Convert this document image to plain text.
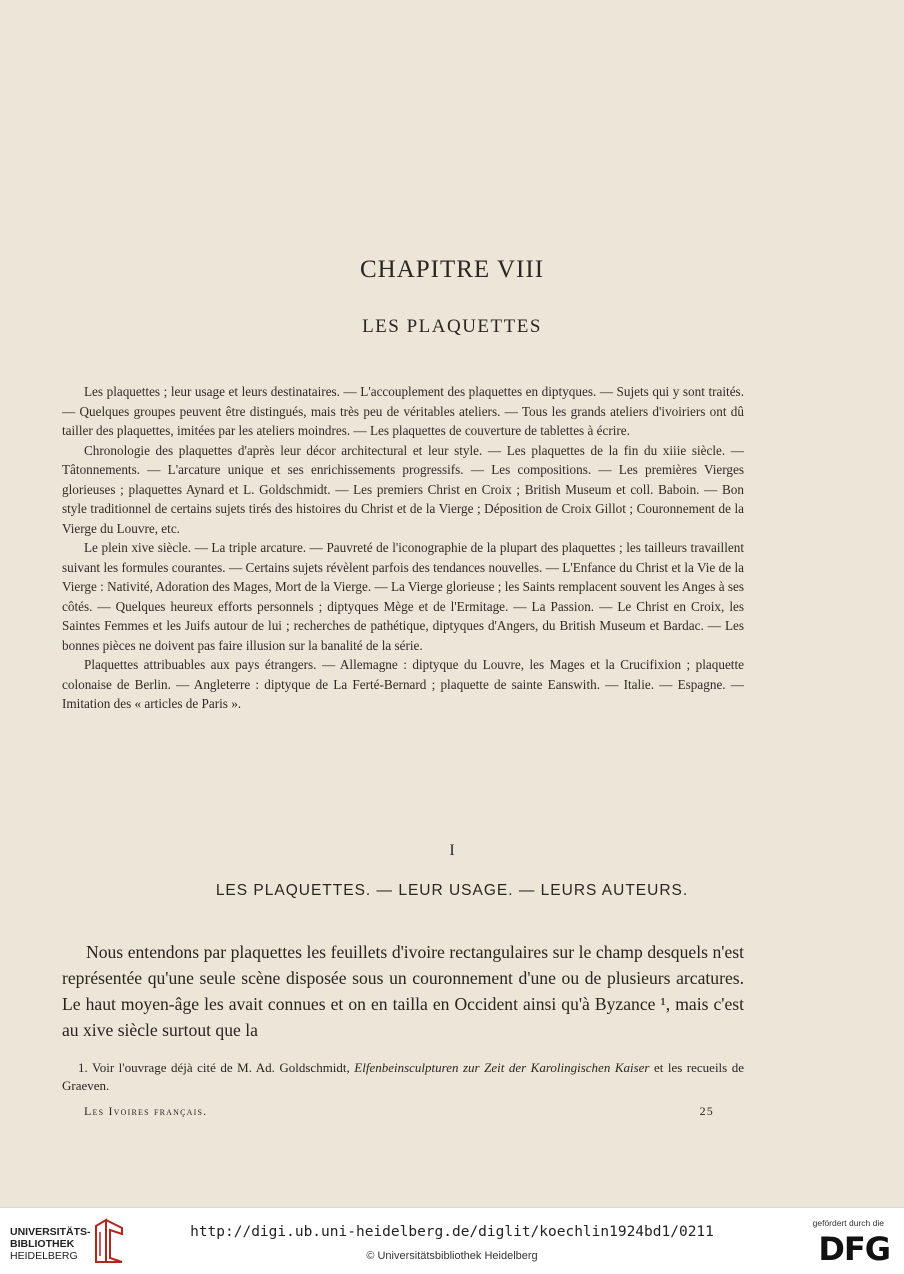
CHAPITRE VIII
LES PLAQUETTES

Les plaquettes ; leur usage et leurs destinataires. — L'accouplement des plaquettes en diptyques. — Sujets qui y sont traités. — Quelques groupes peuvent être distingués, mais très peu de véritables ateliers. — Tous les grands ateliers d'ivoiriers ont dû tailler des plaquettes, imitées par les ateliers moindres. — Les plaquettes de couverture de tablettes à écrire.

Chronologie des plaquettes d'après leur décor architectural et leur style. — Les plaquettes de la fin du xiiie siècle. — Tâtonnements. — L'arcature unique et ses enrichissements progressifs. — Les compositions. — Les premières Vierges glorieuses ; plaquettes Aynard et L. Goldschmidt. — Les premiers Christ en Croix ; British Museum et coll. Baboin. — Bon style traditionnel de certains sujets tirés des histoires du Christ et de la Vierge ; Déposition de Croix Gillot ; Couronnement de la Vierge du Louvre, etc.

Le plein xive siècle. — La triple arcature. — Pauvreté de l'iconographie de la plupart des plaquettes ; les tailleurs travaillent suivant les formules courantes. — Certains sujets révèlent parfois des tendances nouvelles. — L'Enfance du Christ et la Vie de la Vierge : Nativité, Adoration des Mages, Mort de la Vierge. — La Vierge glorieuse ; les Saints remplacent souvent les Anges à ses côtés. — Quelques heureux efforts personnels ; diptyques Mège et de l'Ermitage. — La Passion. — Le Christ en Croix, les Saintes Femmes et les Juifs autour de lui ; recherches de pathétique, diptyques d'Angers, du British Museum et Bardac. — Les bonnes pièces ne doivent pas faire illusion sur la banalité de la série.

Plaquettes attribuables aux pays étrangers. — Allemagne : diptyque du Louvre, les Mages et la Crucifixion ; plaquette colonaise de Berlin. — Angleterre : diptyque de La Ferté-Bernard ; plaquette de sainte Eanswith. — Italie. — Espagne. — Imitation des « articles de Paris ».

I
LES PLAQUETTES. — LEUR USAGE. — LEURS AUTEURS.

Nous entendons par plaquettes les feuillets d'ivoire rectangulaires sur le champ desquels n'est représentée qu'une seule scène disposée sous un couronnement d'une ou de plusieurs arcatures. Le haut moyen-âge les avait connues et on en tailla en Occident ainsi qu'à Byzance ¹, mais c'est au xive siècle surtout que la

1. Voir l'ouvrage déjà cité de M. Ad. Goldschmidt, Elfenbeinsculpturen zur Zeit der Karolingischen Kaiser et les recueils de Graeven.

Les Ivoires français.	25
UNIVERSITÄTS-
BIBLIOTHEK
HEIDELBERG
http://digi.ub.uni-heidelberg.de/diglit/koechlin1924bd1/0211
© Universitätsbibliothek Heidelberg
gefördert durch die
DFG
